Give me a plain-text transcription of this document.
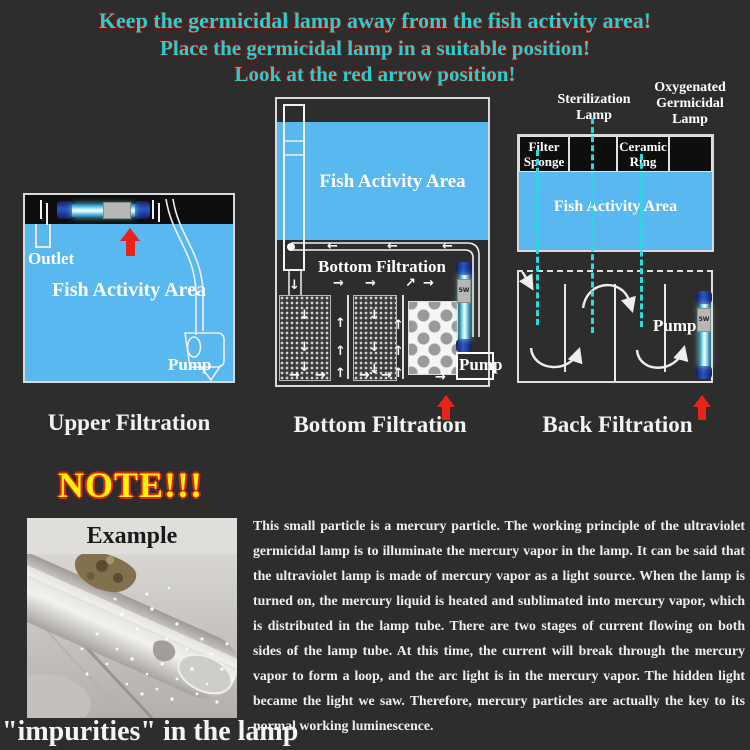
Keep the germicidal lamp away from the fish activity area!
Place the germicidal lamp in a suitable position!
Look at the red arrow position!
Outlet
Fish Activity Area
Pump
Upper Filtration
Fish Activity Area
←	←	←
Bottom Filtration
→ → ↗ →
↓
↓
↓
↓
↑
↑
↑
↓
↓
↓
↑
↑
↑
→ →	→ →	→
5W
Pump
Bottom Filtration
Sterilization
Lamp
Oxygenated
Germicidal
Lamp
Filter
Sponge
Ceramic
Ring
Fish Activity Area
Pump 5W
Back Filtration
NOTE!!!
Example
"impurities" in the lamp
This small particle is a mercury particle. The working principle of the ultraviolet germicidal lamp is to illuminate the mercury vapor in the lamp. It can be said that the ultraviolet lamp is made of mercury vapor as a light source. When the lamp is turned on, the mercury liquid is heated and sublimated into mercury vapor, which is distributed in the lamp tube. There are two stages of current flowing on both sides of the lamp tube. At this time, the current will break through the mercury vapor to form a loop, and the arc light is in the mercury vapor. The hidden light became the light we saw. Therefore, mercury particles are actually the key to its normal working luminescence.
